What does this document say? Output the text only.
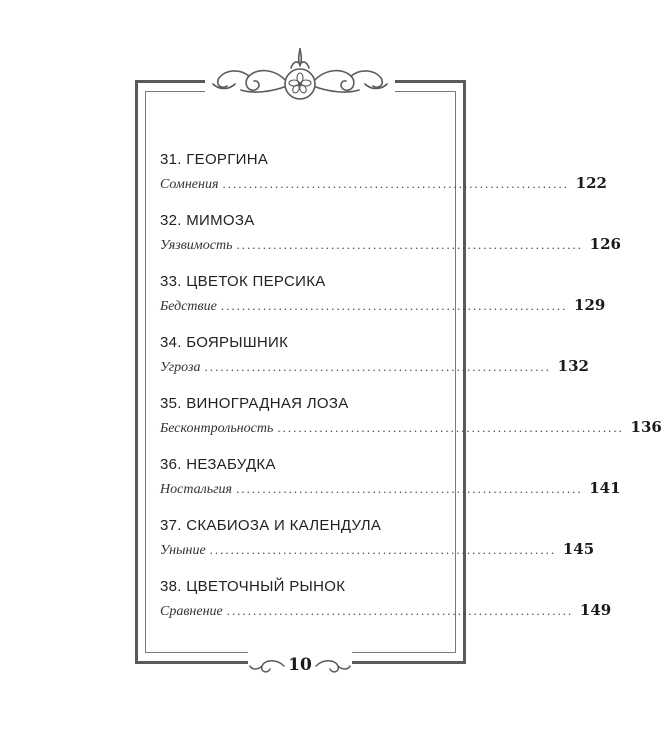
31. ГЕОРГИНА
Сомнения .................................................................. 122
32. МИМОЗА
Уязвимость .................................................................. 126
33. ЦВЕТОК ПЕРСИКА
Бедствие .................................................................. 129
34. БОЯРЫШНИК
Угроза .................................................................. 132
35. ВИНОГРАДНАЯ ЛОЗА
Бесконтрольность .................................................................. 136
36. НЕЗАБУДКА
Ностальгия .................................................................. 141
37. СКАБИОЗА И КАЛЕНДУЛА
Уныние .................................................................. 145
38. ЦВЕТОЧНЫЙ РЫНОК
Сравнение .................................................................. 149
10
